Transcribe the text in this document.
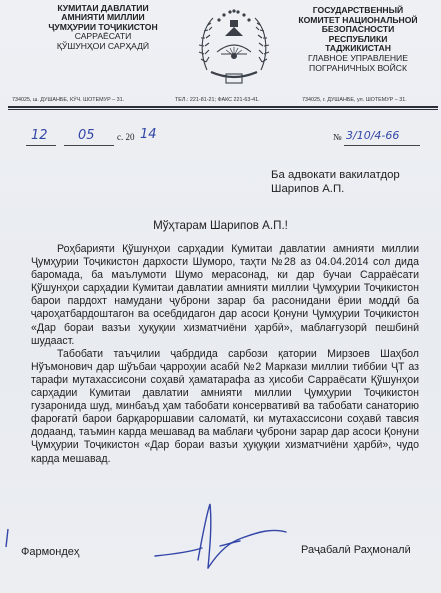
КУМИТАИ ДАВЛАТИИ
АМНИЯТИ МИЛЛИИ
ҶУМҲУРИИ ТОҶИКИСТОН
САРРАЁСАТИ
ҚЎШУНҲОИ САРҲАДӢ
ГОСУДАРСТВЕННЫЙ
КОМИТЕТ НАЦИОНАЛЬНОЙ
БЕЗОПАСНОСТИ
РЕСПУБЛИКИ
ТАДЖИКИСТАН
ГЛАВНОЕ УПРАВЛЕНИЕ
ПОГРАНИЧНЫХ ВОЙСК
734025, ш. ДУШАНБЕ, КӮЧ. ШОТЕМУР – 31.	ТЕЛ.: 221-81-21; ФАКС 221-63-41.	734025, г. ДУШАНБЕ, ул. ШОТЕМУР – 31.
12 05 с. 20 14	№ 3/10/4-66
Ба адвокати вакилатдор
Шарипов А.П.
Мўҳтарам Шарипов А.П.!

Роҳбарияти Қўшунҳои сарҳадии Кумитаи давлатии амнияти миллии Ҷумҳурии Тоҷикистон дархости Шуморо, таҳти №28 аз 04.04.2014 сол дида баромада, ба маълумоти Шумо мерасонад, ки дар бучаи Сарраёсати Қўшунҳои сарҳадии Кумитаи давлатии амнияти миллии Ҷумҳурии Тоҷикистон барои пардохт намудани ҷуброни зарар ба расонидани ёрии моддӣ ба ҷароҳатбардоштагон ва осебдидагон дар асоси Қонуни Ҷумҳурии Тоҷикистон «Дар бораи вазъи ҳуқуқии хизматчиёни ҳарбӣ», маблағгузорӣ пешбинӣ шудааст.

Табобати таъҷилии ҷабрдида сарбози қатории Мирзоев Шаҳбол Нўъмонович дар шўъбаи ҷарроҳии асабӣ №2 Маркази миллии тиббии ҶТ аз тарафи мутахассисони соҳавӣ ҳаматарафа аз ҳисоби Сарраёсати Қўшунҳои сарҳадии Кумитаи давлатии амнияти миллии Ҷумҳурии Тоҷикистон гузаронида шуд, минбаъд ҳам табобати консервативӣ ва табобати санаторию фароғатӣ барои барқароршавии саломатӣ, ки мутахассисони соҳавӣ тавсия додаанд, таъмин карда мешавад ва маблағи ҷуброни зарар дар асоси Қонуни Ҷумҳурии Тоҷикистон «Дар бораи вазъи ҳуқуқии хизматчиёни ҳарбӣ», чудо карда мешавад.

Фармондеҳ	Раҷабалӣ Раҳмоналӣ
